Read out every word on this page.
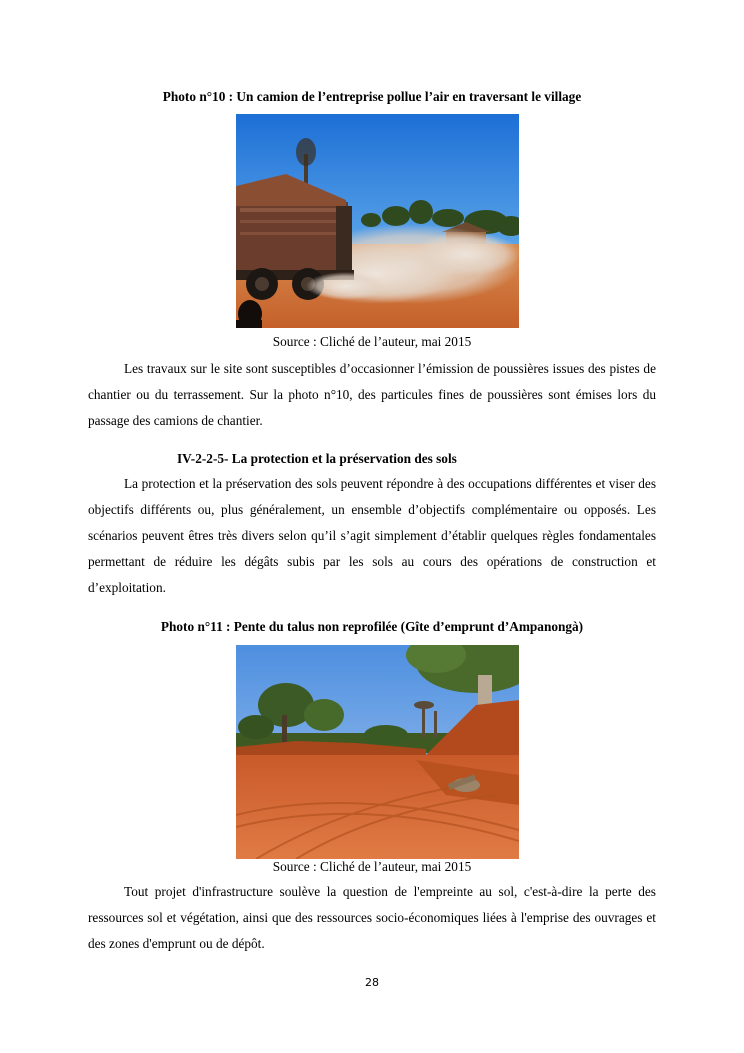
Photo n°10 : Un camion de l’entreprise pollue l’air en traversant le village
Source : Cliché de l’auteur, mai 2015
Les travaux sur le site sont susceptibles d’occasionner l’émission de poussières issues des pistes de chantier ou du terrassement. Sur la photo n°10, des particules fines de poussières sont émises lors du passage des camions de chantier.
IV-2-2-5- La protection et la préservation des sols
La protection et la préservation des sols peuvent répondre à des occupations différentes et viser des objectifs différents ou, plus généralement, un ensemble d’objectifs complémentaire ou opposés. Les scénarios peuvent êtres très divers selon qu’il s’agit simplement d’établir quelques règles fondamentales permettant de réduire les dégâts subis par les sols au cours des opérations de construction et d’exploitation.
Photo n°11 : Pente du talus non reprofilée (Gîte d’emprunt d’Ampanongà)
Source : Cliché de l’auteur, mai 2015
Tout projet d'infrastructure soulève la question de l'empreinte au sol, c'est-à-dire la perte des ressources sol et végétation, ainsi que des ressources socio-économiques liées à l'emprise des ouvrages et des zones d'emprunt ou de dépôt.
28
